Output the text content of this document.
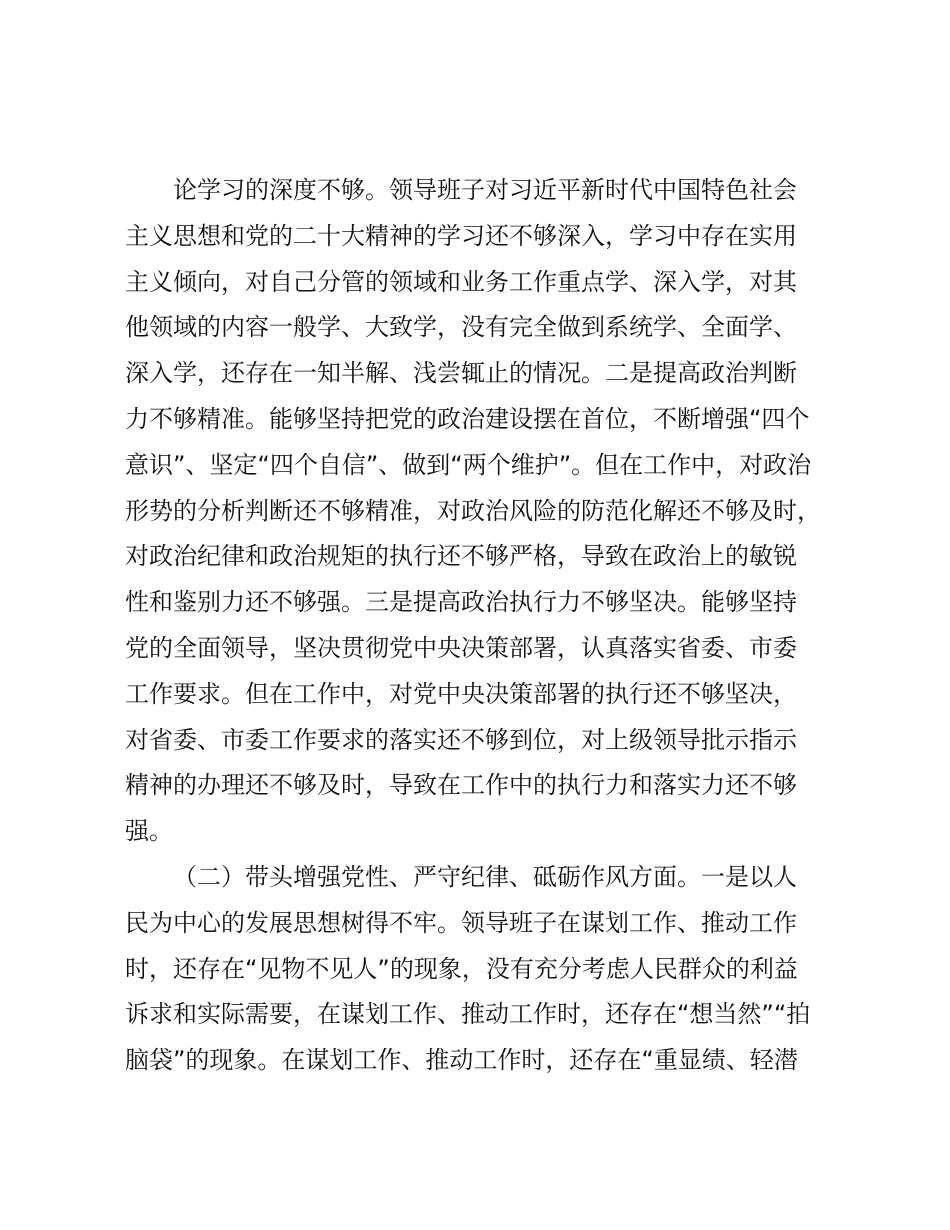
论学习的深度不够。领导班子对习近平新时代中国特色社会
主义思想和党的二十大精神的学习还不够深入，学习中存在实用
主义倾向，对自己分管的领域和业务工作重点学、深入学，对其
他领域的内容一般学、大致学，没有完全做到系统学、全面学、
深入学，还存在一知半解、浅尝辄止的情况。二是提高政治判断
力不够精准。能够坚持把党的政治建设摆在首位，不断增强“四个
意识”、坚定“四个自信”、做到“两个维护”。但在工作中，对政治
形势的分析判断还不够精准，对政治风险的防范化解还不够及时，
对政治纪律和政治规矩的执行还不够严格，导致在政治上的敏锐
性和鉴别力还不够强。三是提高政治执行力不够坚决。能够坚持
党的全面领导，坚决贯彻党中央决策部署，认真落实省委、市委
工作要求。但在工作中，对党中央决策部署的执行还不够坚决，
对省委、市委工作要求的落实还不够到位，对上级领导批示指示
精神的办理还不够及时，导致在工作中的执行力和落实力还不够
强。
（二）带头增强党性、严守纪律、砥砺作风方面。一是以人
民为中心的发展思想树得不牢。领导班子在谋划工作、推动工作
时，还存在“见物不见人”的现象，没有充分考虑人民群众的利益
诉求和实际需要，在谋划工作、推动工作时，还存在“想当然”“拍
脑袋”的现象。在谋划工作、推动工作时，还存在“重显绩、轻潜
